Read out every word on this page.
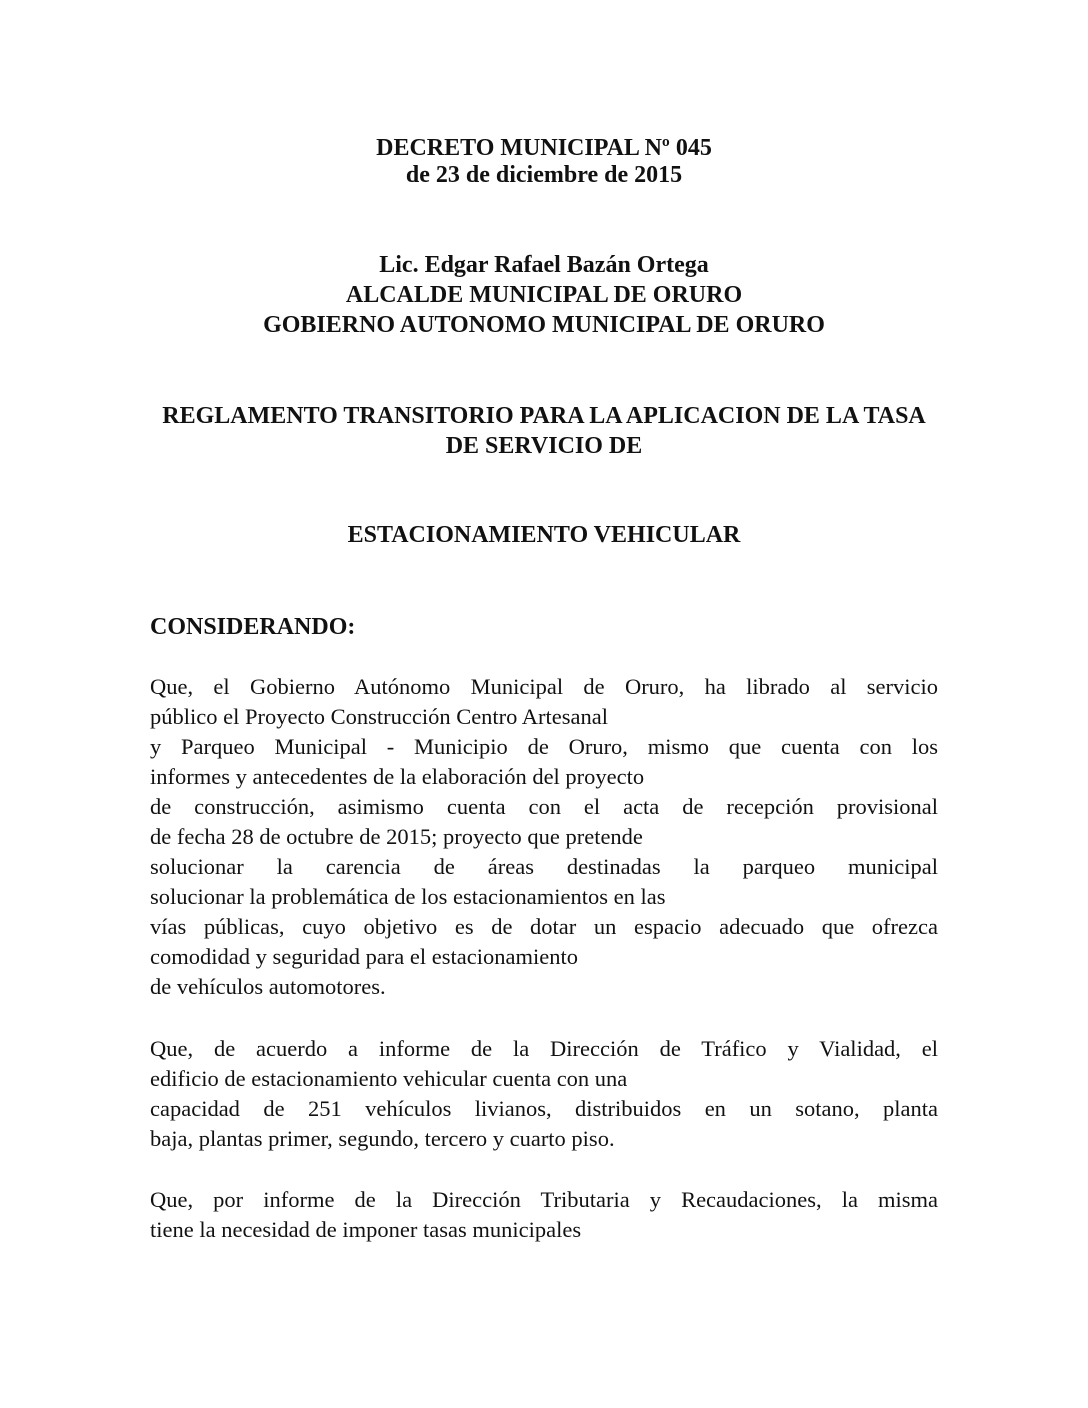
DECRETO MUNICIPAL Nº 045
de 23 de diciembre de 2015
Lic. Edgar Rafael Bazán Ortega
ALCALDE MUNICIPAL DE ORURO
GOBIERNO AUTONOMO MUNICIPAL DE ORURO
REGLAMENTO TRANSITORIO PARA LA APLICACION DE LA TASA
DE SERVICIO DE
ESTACIONAMIENTO VEHICULAR
CONSIDERANDO:
Que, el Gobierno Autónomo Municipal de Oruro, ha librado al servicio
público el Proyecto Construcción Centro Artesanal
y Parqueo Municipal - Municipio de Oruro, mismo que cuenta con los
informes y antecedentes de la elaboración del proyecto
de construcción, asimismo cuenta con el acta de recepción provisional
de fecha 28 de octubre de 2015; proyecto que pretende
solucionar la carencia de áreas destinadas la parqueo municipal
solucionar la problemática de los estacionamientos en las
vías públicas, cuyo objetivo es de dotar un espacio adecuado que ofrezca
comodidad y seguridad para el estacionamiento
de vehículos automotores.
Que, de acuerdo a informe de la Dirección de Tráfico y Vialidad, el
edificio de estacionamiento vehicular cuenta con una
capacidad de 251 vehículos livianos, distribuidos en un sotano, planta
baja, plantas primer, segundo, tercero y cuarto piso.
Que, por informe de la Dirección Tributaria y Recaudaciones, la misma
tiene la necesidad de imponer tasas municipales
